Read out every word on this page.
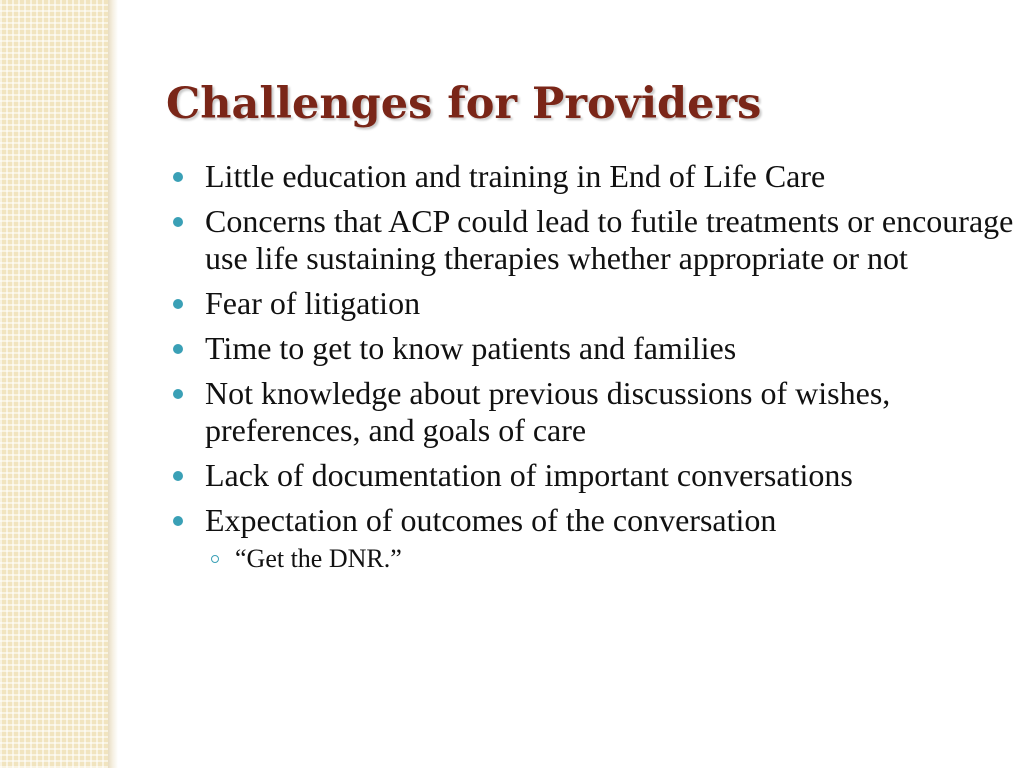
Challenges for Providers
Little education and training in End of Life Care
Concerns that ACP could lead to futile treatments or encourage use life sustaining therapies whether appropriate or not
Fear of litigation
Time to get to know patients and families
Not knowledge about previous discussions of wishes, preferences, and goals of care
Lack of documentation of important conversations
Expectation of outcomes of the conversation
“Get the DNR.”
